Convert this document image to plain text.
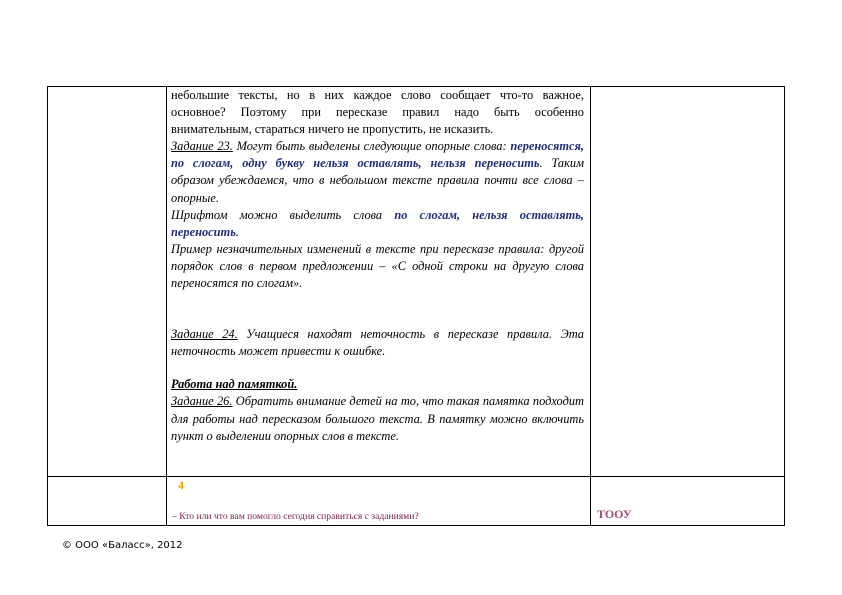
небольшие тексты, но в них каждое слово сообщает что-то важное, основное? Поэтому при пересказе правил надо быть особенно внимательным, стараться ничего не пропустить, не исказить.

Задание 23. Могут быть выделены следующие опорные слова: переносятся, по слогам, одну букву нельзя оставлять, нельзя переносить. Таким образом убеждаемся, что в небольшом тексте правила почти все слова – опорные.

Шрифтом можно выделить слова по слогам, нельзя оставлять, переносить.

Пример незначительных изменений в тексте при пересказе правила: другой порядок слов в первом предложении – «С одной строки на другую слова переносятся по слогам».

Задание 24. Учащиеся находят неточность в пересказе правила. Эта неточность может привести к ошибке.

Работа над памяткой.

Задание 26. Обратить внимание детей на то, что такая памятка подходит для работы над пересказом большого текста. В памятку можно включить пункт о выделении опорных слов в тексте.

4
– Кто или что вам помогло сегодня справиться с заданиями?	ТООУ
© ООО «Баласс», 2012
